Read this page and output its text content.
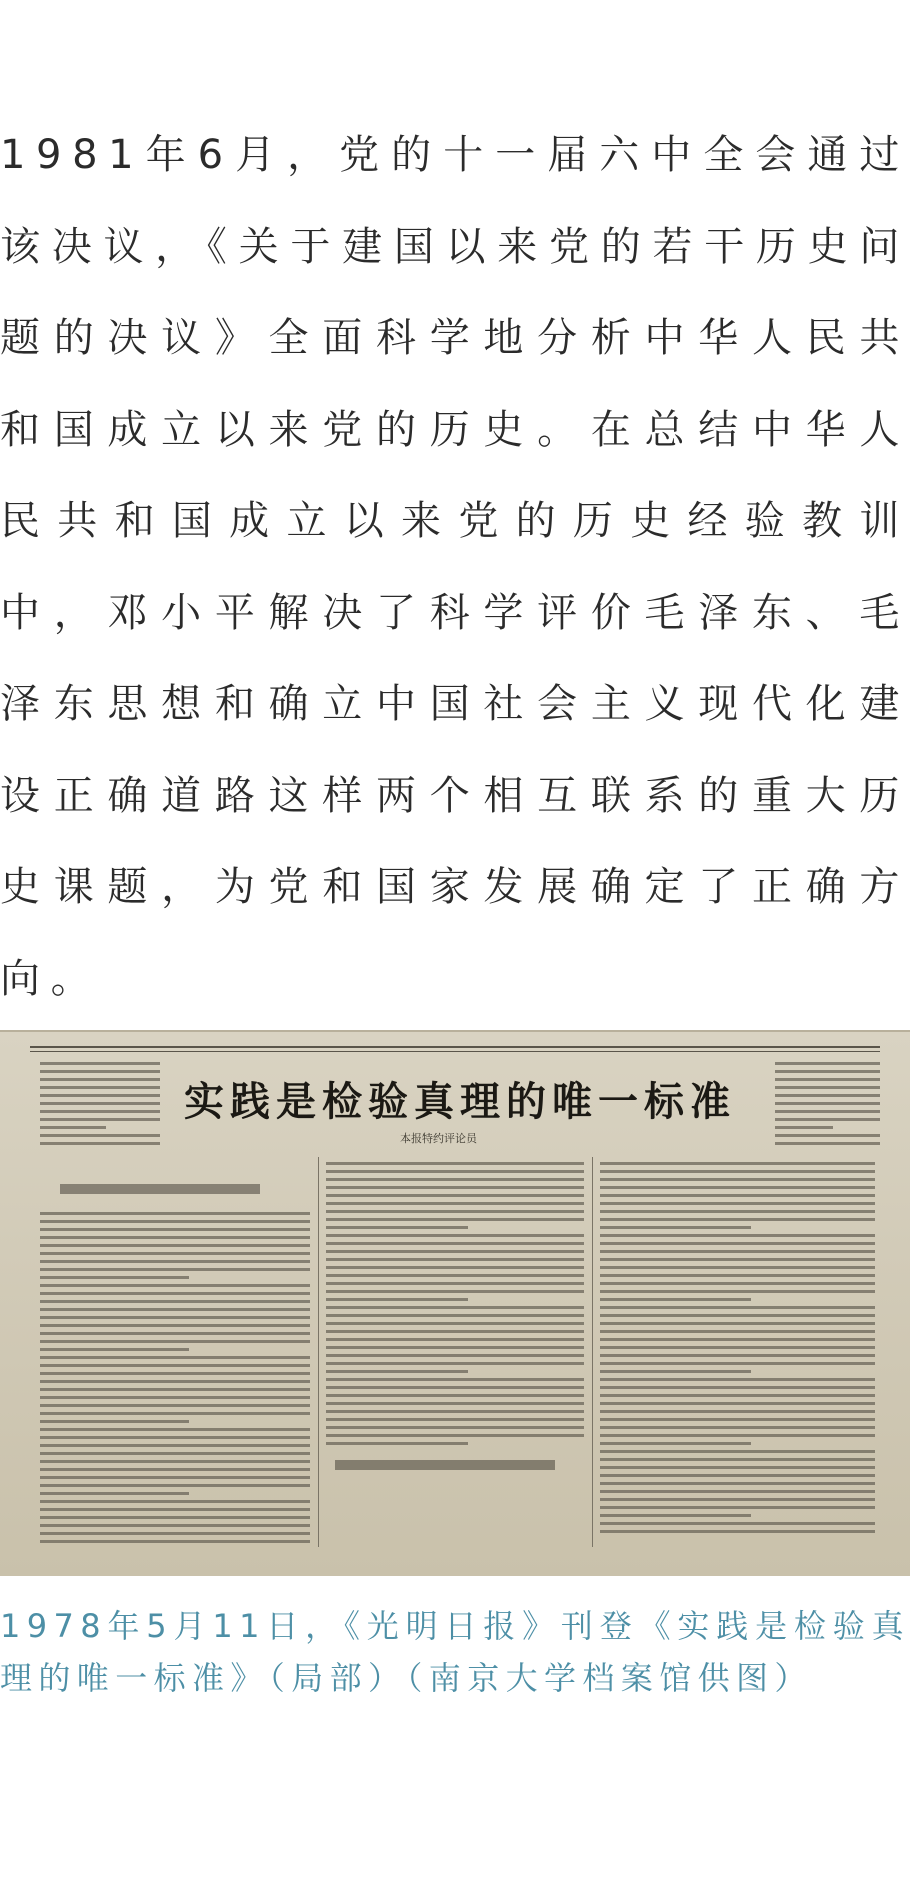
1981年6月，党的十一届六中全会通过该决议，《关于建国以来党的若干历史问题的决议》全面科学地分析中华人民共和国成立以来党的历史。在总结中华人民共和国成立以来党的历史经验教训中，邓小平解决了科学评价毛泽东、毛泽东思想和确立中国社会主义现代化建设正确道路这样两个相互联系的重大历史课题，为党和国家发展确定了正确方向。

实践是检验真理的唯一标准
本报特约评论员

1978年5月11日，《光明日报》刊登《实践是检验真理的唯一标准》（局部）（南京大学档案馆供图）
